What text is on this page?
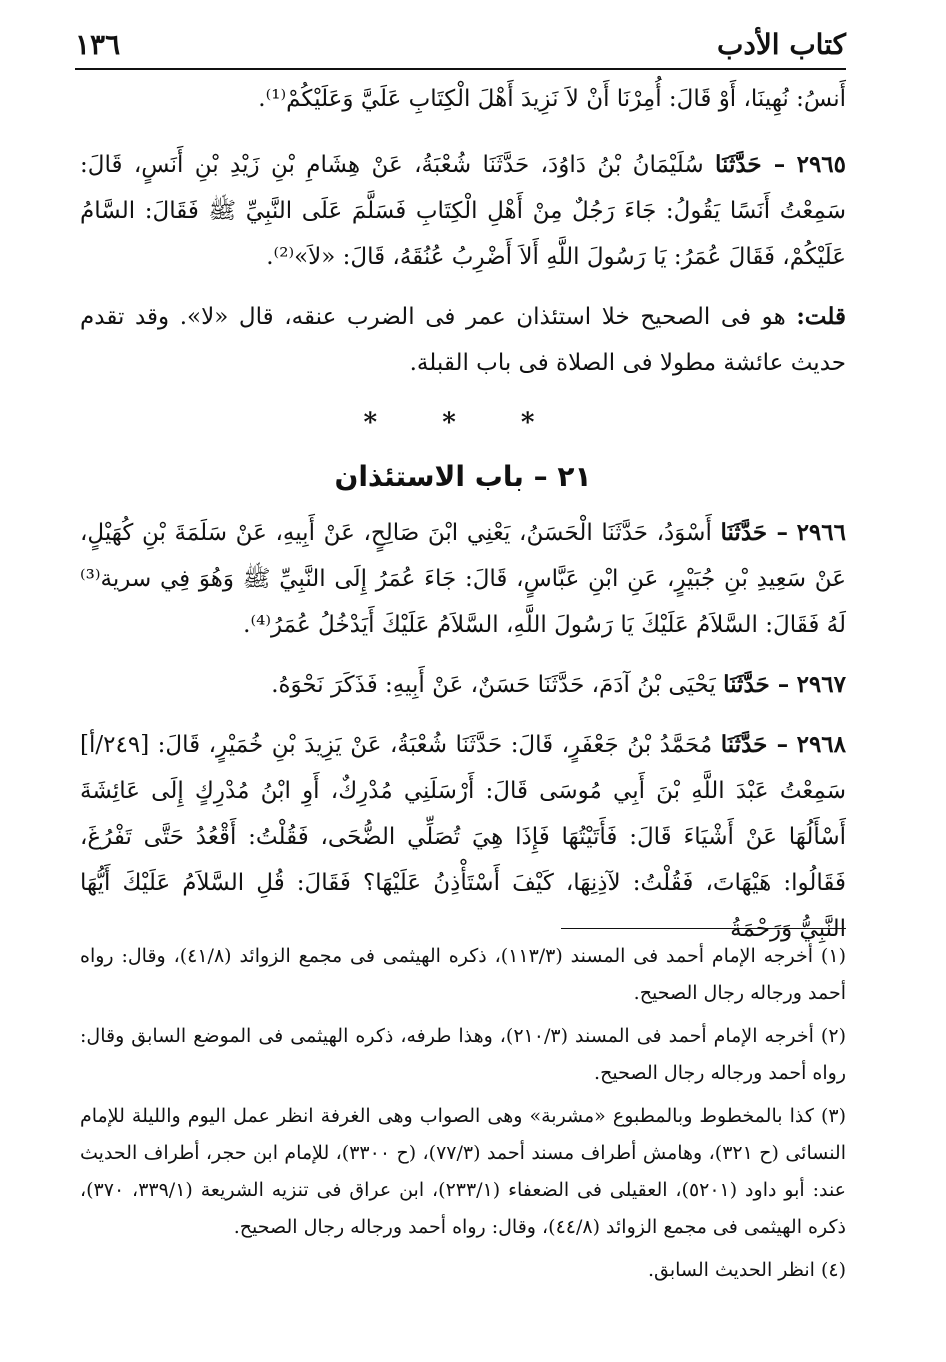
كتاب الأدب
١٣٦

أَنسُ: نُهِينَا، أَوْ قَالَ: أُمِرْنَا أَنْ لاَ نَزِيدَ أَهْلَ الْكِتَابِ عَلَيَّ وَعَلَيْكُمْ⁽¹⁾.

٢٩٦٥ – حَدَّثَنَا سُلَيْمَانُ بْنُ دَاوُدَ، حَدَّثَنَا شُعْبَةُ، عَنْ هِشَامِ بْنِ زَيْدِ بْنِ أَنَسٍ، قَالَ: سَمِعْتُ أَنَسًا يَقُولُ: جَاءَ رَجُلٌ مِنْ أَهْلِ الْكِتَابِ فَسَلَّمَ عَلَى النَّبِيِّ ﷺ فَقَالَ: السَّامُ عَلَيْكُمْ، فَقَالَ عُمَرُ: يَا رَسُولَ اللَّهِ أَلاَ أَضْرِبُ عُنُقَهُ، قَالَ: «لاَ»⁽²⁾.

قلت: هو فى الصحيح خلا استئذان عمر فى الضرب عنقه، قال «لا». وقد تقدم حديث عائشة مطولا فى الصلاة فى باب القبلة.

* * *
٢١ – باب الاستئذان

٢٩٦٦ – حَدَّثَنَا أَسْوَدُ، حَدَّثَنَا الْحَسَنُ، يَعْنِي ابْنَ صَالِحٍ، عَنْ أَبِيهِ، عَنْ سَلَمَةَ بْنِ كُهَيْلٍ، عَنْ سَعِيدِ بْنِ جُبَيْرٍ، عَنِ ابْنِ عَبَّاسٍ، قَالَ: جَاءَ عُمَرُ إِلَى النَّبِيِّ ﷺ وَهُوَ فِي سرية⁽³⁾ لَهُ فَقَالَ: السَّلاَمُ عَلَيْكَ يَا رَسُولَ اللَّهِ، السَّلاَمُ عَلَيْكَ أَيَدْخُلُ عُمَرُ⁽⁴⁾.

٢٩٦٧ – حَدَّثَنَا يَحْيَى بْنُ آدَمَ، حَدَّثَنَا حَسَنٌ، عَنْ أَبِيهِ: فَذَكَرَ نَحْوَهُ.

٢٩٦٨ – حَدَّثَنَا مُحَمَّدُ بْنُ جَعْفَرٍ، قَالَ: حَدَّثَنَا شُعْبَةُ، عَنْ يَزِيدَ بْنِ خُمَيْرٍ، قَالَ: [٢٤٩/أ] سَمِعْتُ عَبْدَ اللَّهِ بْنَ أَبِي مُوسَى قَالَ: أَرْسَلَنِي مُدْرِكٌ، أَوِ ابْنُ مُدْرِكٍ إِلَى عَائِشَةَ أَسْأَلُهَا عَنْ أَشْيَاءَ قَالَ: فَأَتَيْتُهَا فَإِذَا هِيَ تُصَلِّي الضُّحَى، فَقُلْتُ: أَقْعُدُ حَتَّى تَفْرُغَ، فَقَالُوا: هَيْهَاتَ، فَقُلْتُ: لآذِنِهَا، كَيْفَ أَسْتَأْذِنُ عَلَيْهَا؟ فَقَالَ: قُلِ السَّلاَمُ عَلَيْكَ أَيُّهَا النَّبِيُّ وَرَحْمَةُ

(١) أخرجه الإمام أحمد فى المسند (١١٣/٣)، ذكره الهيثمى فى مجمع الزوائد (٤١/٨)، وقال: رواه أحمد ورجاله رجال الصحيح.

(٢) أخرجه الإمام أحمد فى المسند (٢١٠/٣)، وهذا طرفه، ذكره الهيثمى فى الموضع السابق وقال: رواه أحمد ورجاله رجال الصحيح.

(٣) كذا بالمخطوط وبالمطبوع «مشربة» وهى الصواب وهى الغرفة انظر عمل اليوم والليلة للإمام النسائى (ح ٣٢١)، وهامش أطراف مسند أحمد (٧٧/٣)، (ح ٣٣٠٠)، للإمام ابن حجر، أطراف الحديث عند: أبو داود (٥٢٠١)، العقيلى فى الضعفاء (٢٣٣/١)، ابن عراق فى تنزيه الشريعة (٣٣٩/١، ٣٧٠)، ذكره الهيثمى فى مجمع الزوائد (٤٤/٨)، وقال: رواه أحمد ورجاله رجال الصحيح.

(٤) انظر الحديث السابق.
